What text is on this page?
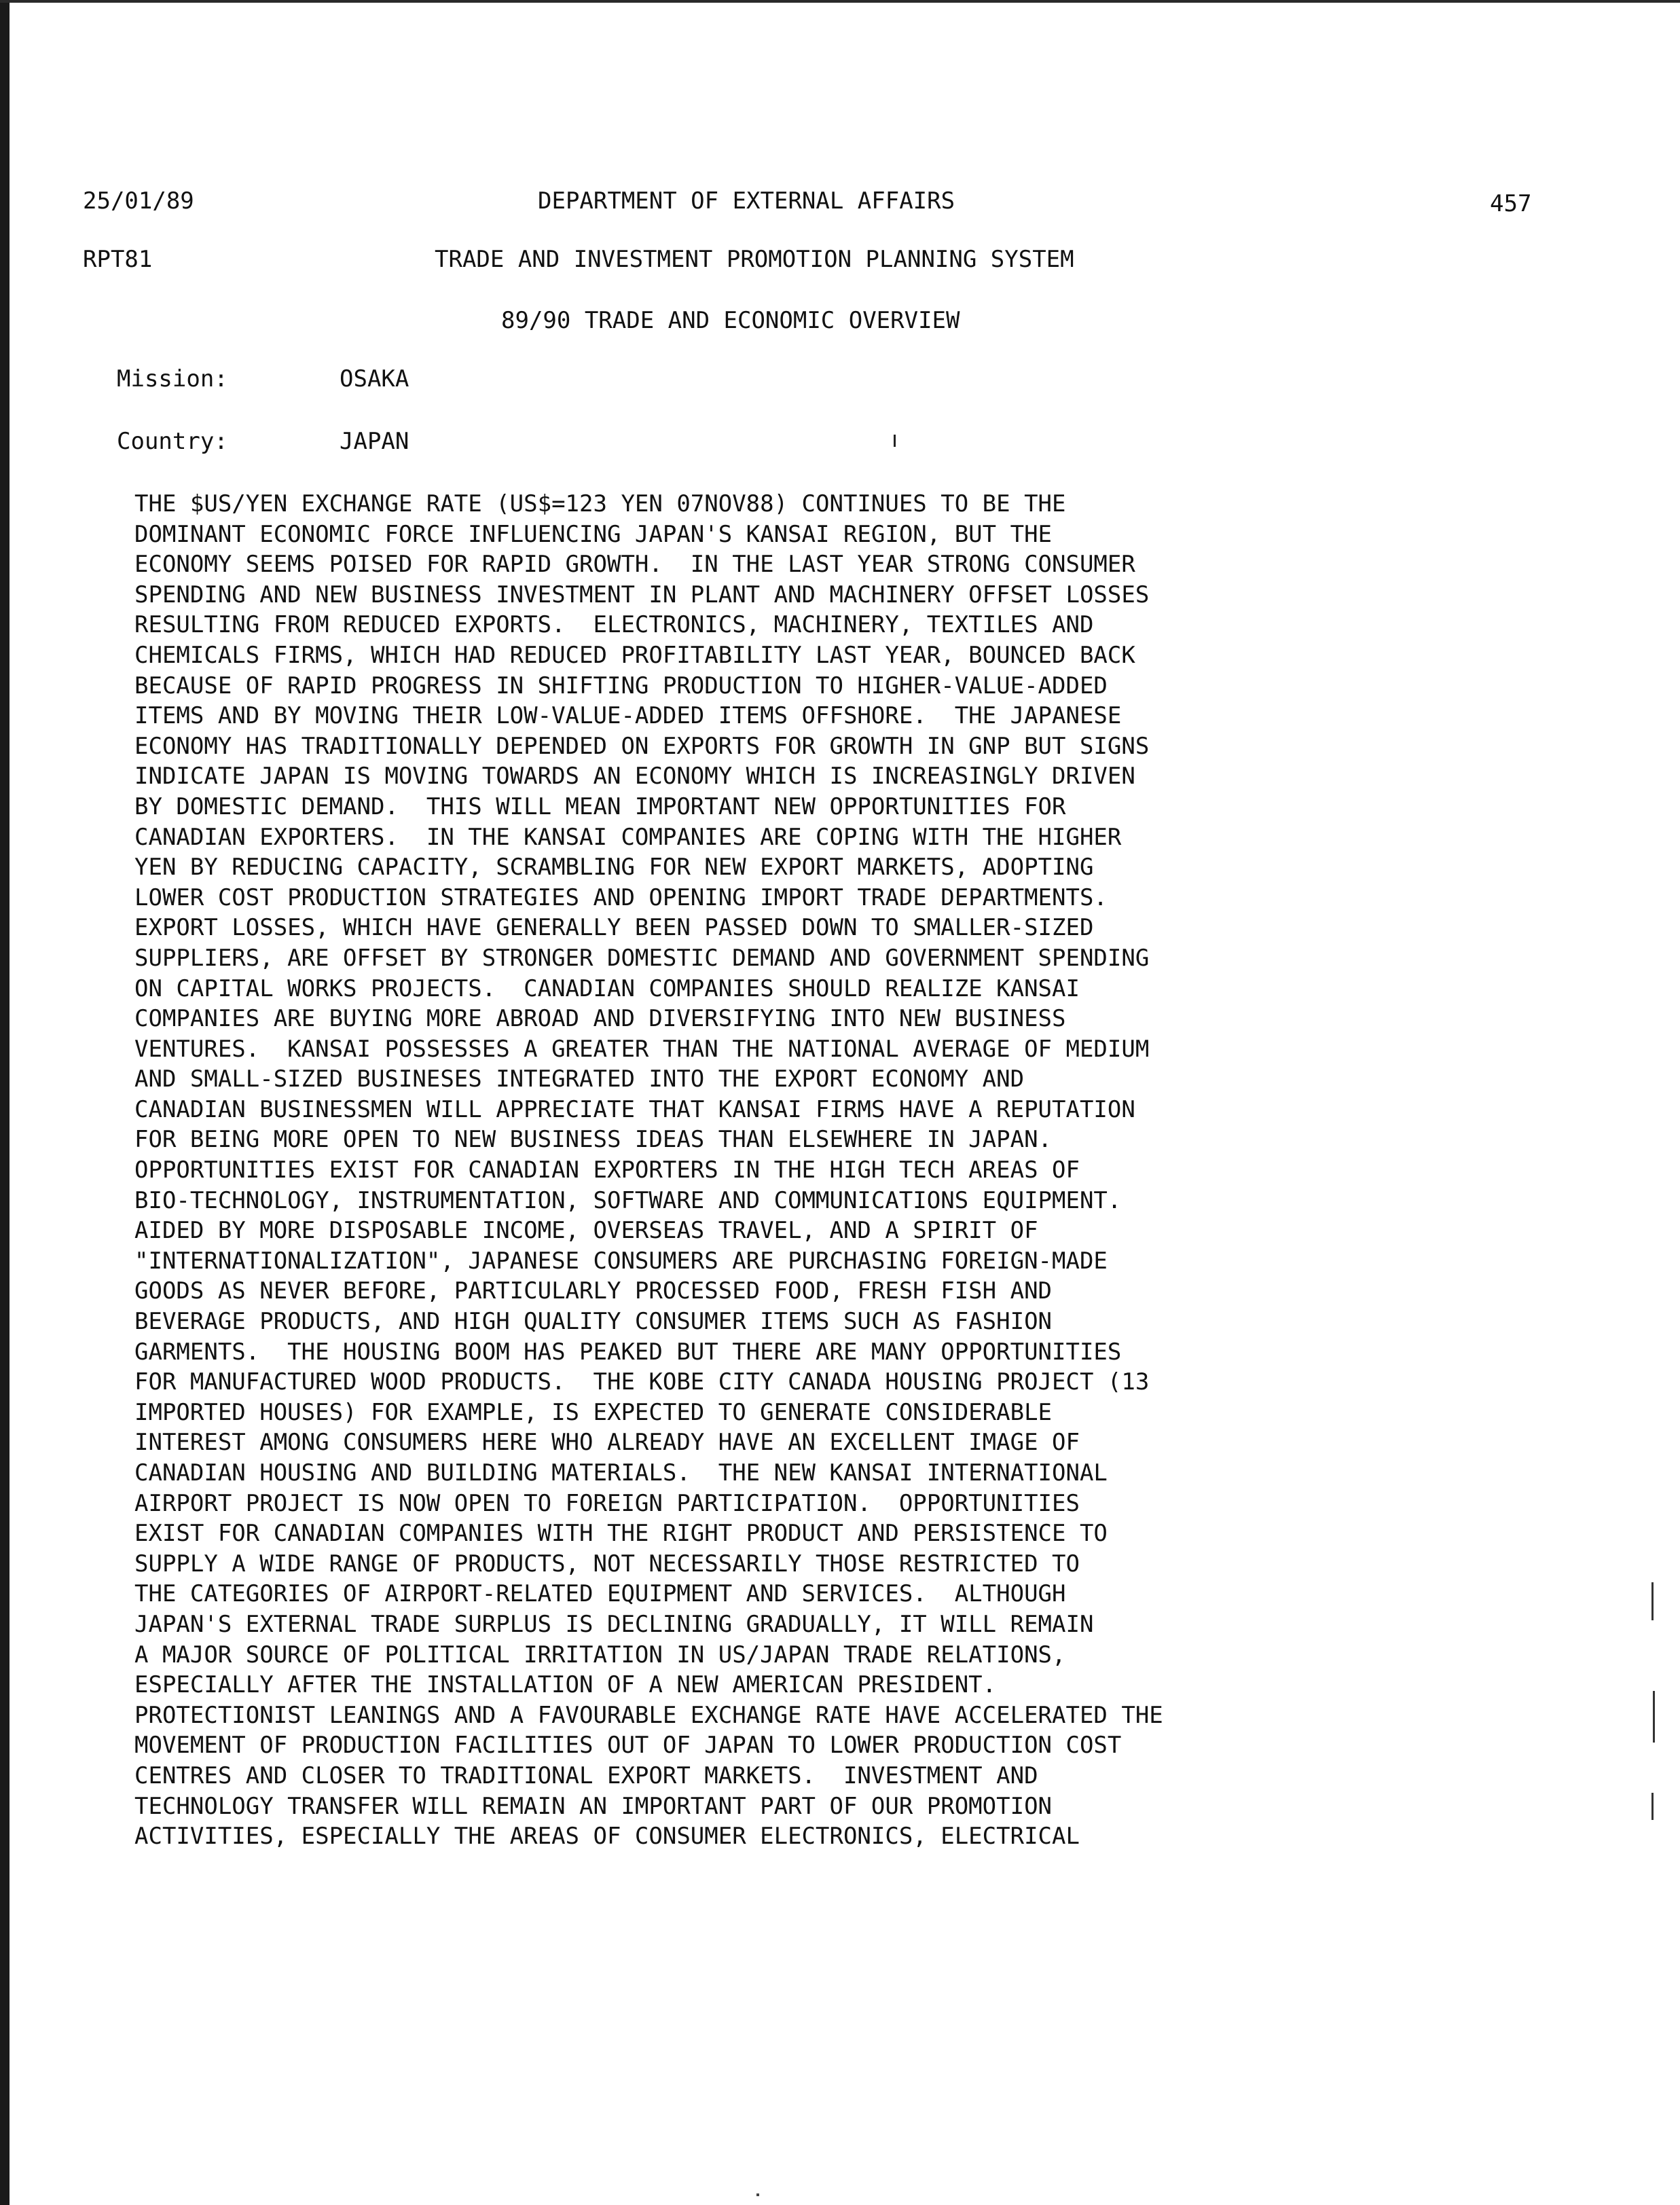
25/01/89	DEPARTMENT OF EXTERNAL AFFAIRS	457
RPT81	TRADE AND INVESTMENT PROMOTION PLANNING SYSTEM
89/90 TRADE AND ECONOMIC OVERVIEW
Mission:	OSAKA
Country:	JAPAN
THE $US/YEN EXCHANGE RATE (US$=123 YEN 07NOV88) CONTINUES TO BE THE
DOMINANT ECONOMIC FORCE INFLUENCING JAPAN'S KANSAI REGION, BUT THE
ECONOMY SEEMS POISED FOR RAPID GROWTH.  IN THE LAST YEAR STRONG CONSUMER
SPENDING AND NEW BUSINESS INVESTMENT IN PLANT AND MACHINERY OFFSET LOSSES
RESULTING FROM REDUCED EXPORTS.  ELECTRONICS, MACHINERY, TEXTILES AND
CHEMICALS FIRMS, WHICH HAD REDUCED PROFITABILITY LAST YEAR, BOUNCED BACK
BECAUSE OF RAPID PROGRESS IN SHIFTING PRODUCTION TO HIGHER-VALUE-ADDED
ITEMS AND BY MOVING THEIR LOW-VALUE-ADDED ITEMS OFFSHORE.  THE JAPANESE
ECONOMY HAS TRADITIONALLY DEPENDED ON EXPORTS FOR GROWTH IN GNP BUT SIGNS
INDICATE JAPAN IS MOVING TOWARDS AN ECONOMY WHICH IS INCREASINGLY DRIVEN
BY DOMESTIC DEMAND.  THIS WILL MEAN IMPORTANT NEW OPPORTUNITIES FOR
CANADIAN EXPORTERS.  IN THE KANSAI COMPANIES ARE COPING WITH THE HIGHER
YEN BY REDUCING CAPACITY, SCRAMBLING FOR NEW EXPORT MARKETS, ADOPTING
LOWER COST PRODUCTION STRATEGIES AND OPENING IMPORT TRADE DEPARTMENTS.
EXPORT LOSSES, WHICH HAVE GENERALLY BEEN PASSED DOWN TO SMALLER-SIZED
SUPPLIERS, ARE OFFSET BY STRONGER DOMESTIC DEMAND AND GOVERNMENT SPENDING
ON CAPITAL WORKS PROJECTS.  CANADIAN COMPANIES SHOULD REALIZE KANSAI
COMPANIES ARE BUYING MORE ABROAD AND DIVERSIFYING INTO NEW BUSINESS
VENTURES.  KANSAI POSSESSES A GREATER THAN THE NATIONAL AVERAGE OF MEDIUM
AND SMALL-SIZED BUSINESES INTEGRATED INTO THE EXPORT ECONOMY AND
CANADIAN BUSINESSMEN WILL APPRECIATE THAT KANSAI FIRMS HAVE A REPUTATION
FOR BEING MORE OPEN TO NEW BUSINESS IDEAS THAN ELSEWHERE IN JAPAN.
OPPORTUNITIES EXIST FOR CANADIAN EXPORTERS IN THE HIGH TECH AREAS OF
BIO-TECHNOLOGY, INSTRUMENTATION, SOFTWARE AND COMMUNICATIONS EQUIPMENT.
AIDED BY MORE DISPOSABLE INCOME, OVERSEAS TRAVEL, AND A SPIRIT OF
"INTERNATIONALIZATION", JAPANESE CONSUMERS ARE PURCHASING FOREIGN-MADE
GOODS AS NEVER BEFORE, PARTICULARLY PROCESSED FOOD, FRESH FISH AND
BEVERAGE PRODUCTS, AND HIGH QUALITY CONSUMER ITEMS SUCH AS FASHION
GARMENTS.  THE HOUSING BOOM HAS PEAKED BUT THERE ARE MANY OPPORTUNITIES
FOR MANUFACTURED WOOD PRODUCTS.  THE KOBE CITY CANADA HOUSING PROJECT (13
IMPORTED HOUSES) FOR EXAMPLE, IS EXPECTED TO GENERATE CONSIDERABLE
INTEREST AMONG CONSUMERS HERE WHO ALREADY HAVE AN EXCELLENT IMAGE OF
CANADIAN HOUSING AND BUILDING MATERIALS.  THE NEW KANSAI INTERNATIONAL
AIRPORT PROJECT IS NOW OPEN TO FOREIGN PARTICIPATION.  OPPORTUNITIES
EXIST FOR CANADIAN COMPANIES WITH THE RIGHT PRODUCT AND PERSISTENCE TO
SUPPLY A WIDE RANGE OF PRODUCTS, NOT NECESSARILY THOSE RESTRICTED TO
THE CATEGORIES OF AIRPORT-RELATED EQUIPMENT AND SERVICES.  ALTHOUGH
JAPAN'S EXTERNAL TRADE SURPLUS IS DECLINING GRADUALLY, IT WILL REMAIN
A MAJOR SOURCE OF POLITICAL IRRITATION IN US/JAPAN TRADE RELATIONS,
ESPECIALLY AFTER THE INSTALLATION OF A NEW AMERICAN PRESIDENT.
PROTECTIONIST LEANINGS AND A FAVOURABLE EXCHANGE RATE HAVE ACCELERATED THE
MOVEMENT OF PRODUCTION FACILITIES OUT OF JAPAN TO LOWER PRODUCTION COST
CENTRES AND CLOSER TO TRADITIONAL EXPORT MARKETS.  INVESTMENT AND
TECHNOLOGY TRANSFER WILL REMAIN AN IMPORTANT PART OF OUR PROMOTION
ACTIVITIES, ESPECIALLY THE AREAS OF CONSUMER ELECTRONICS, ELECTRICAL
